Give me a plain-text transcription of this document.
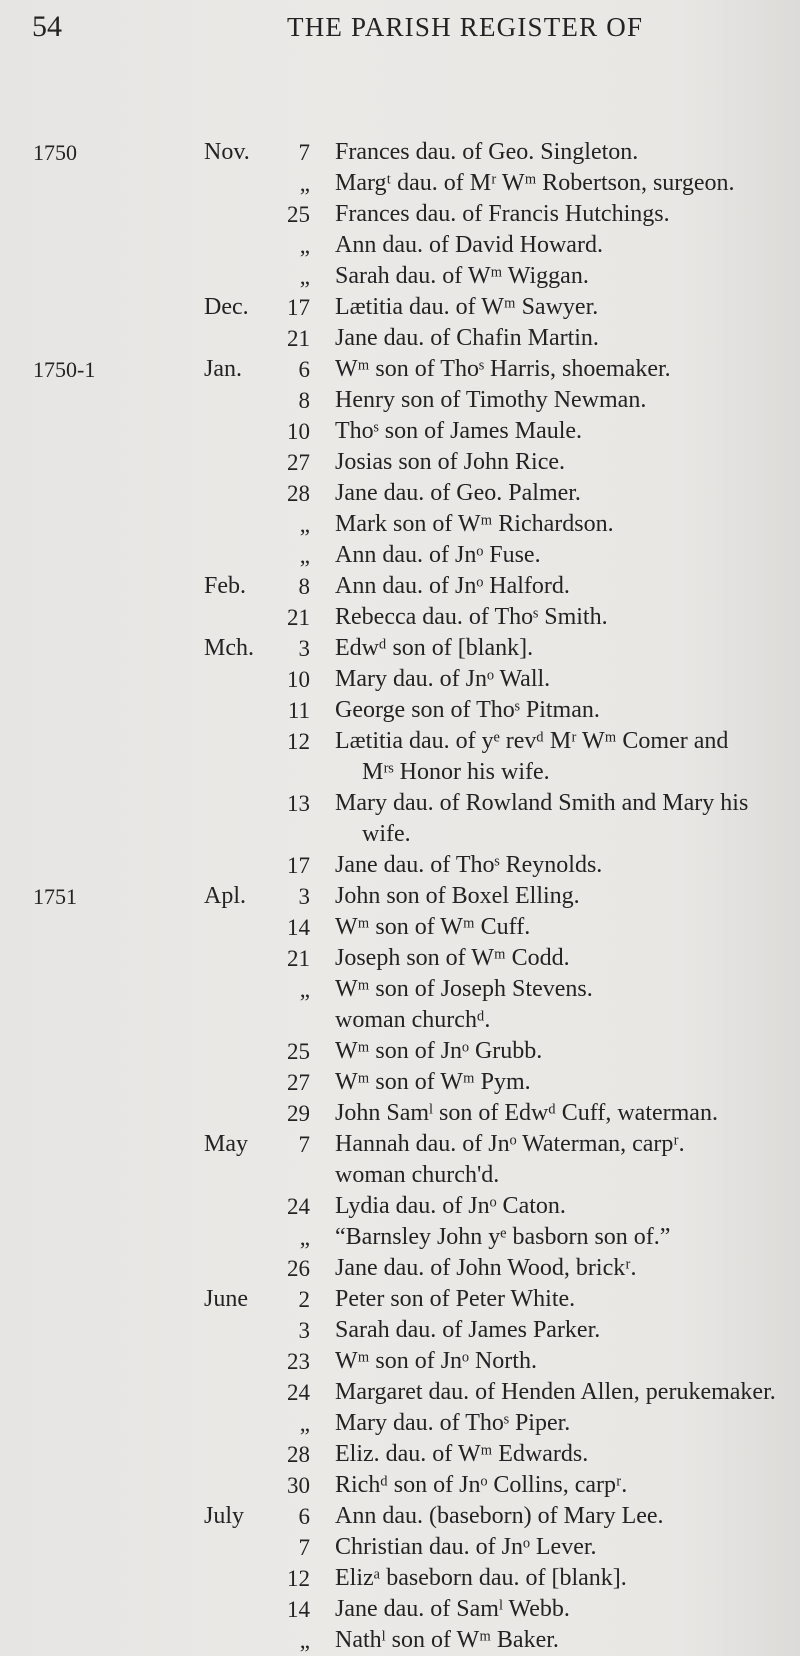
54	THE PARISH REGISTER OF
1750	Nov.	7 Frances dau. of Geo. Singleton.
„ Margᵗ dau. of Mʳ Wᵐ Robertson, surgeon.
25 Frances dau. of Francis Hutchings.
„ Ann dau. of David Howard.
„ Sarah dau. of Wᵐ Wiggan.
Dec.	17 Lætitia dau. of Wᵐ Sawyer.
21 Jane dau. of Chafin Martin.
1750-1	Jan.	6 Wᵐ son of Thoˢ Harris, shoemaker.
8 Henry son of Timothy Newman.
10 Thoˢ son of James Maule.
27 Josias son of John Rice.
28 Jane dau. of Geo. Palmer.
„ Mark son of Wᵐ Richardson.
„ Ann dau. of Jnᵒ Fuse.
Feb.	8 Ann dau. of Jnᵒ Halford.
21 Rebecca dau. of Thoˢ Smith.
Mch.	3 Edwᵈ son of [blank].
10 Mary dau. of Jnᵒ Wall.
11 George son of Thoˢ Pitman.
12 Lætitia dau. of yᵉ revᵈ Mʳ Wᵐ Comer and
Mʳˢ Honor his wife.
13 Mary dau. of Rowland Smith and Mary his
wife.
17 Jane dau. of Thoˢ Reynolds.
1751	Apl.	3 John son of Boxel Elling.
14 Wᵐ son of Wᵐ Cuff.
21 Joseph son of Wᵐ Codd.
„ Wᵐ son of Joseph Stevens.
woman churchᵈ.
25 Wᵐ son of Jnᵒ Grubb.
27 Wᵐ son of Wᵐ Pym.
29 John Samˡ son of Edwᵈ Cuff, waterman.
May	7 Hannah dau. of Jnᵒ Waterman, carpʳ.
woman church'd.
24 Lydia dau. of Jnᵒ Caton.
„ “Barnsley John yᵉ basborn son of.”
26 Jane dau. of John Wood, brickʳ.
June	2 Peter son of Peter White.
3 Sarah dau. of James Parker.
23 Wᵐ son of Jnᵒ North.
24 Margaret dau. of Henden Allen, perukemaker.
„ Mary dau. of Thoˢ Piper.
28 Eliz. dau. of Wᵐ Edwards.
30 Richᵈ son of Jnᵒ Collins, carpʳ.
July	6 Ann dau. (baseborn) of Mary Lee.
7 Christian dau. of Jnᵒ Lever.
12 Elizᵃ baseborn dau. of [blank].
14 Jane dau. of Samˡ Webb.
„ Nathˡ son of Wᵐ Baker.
